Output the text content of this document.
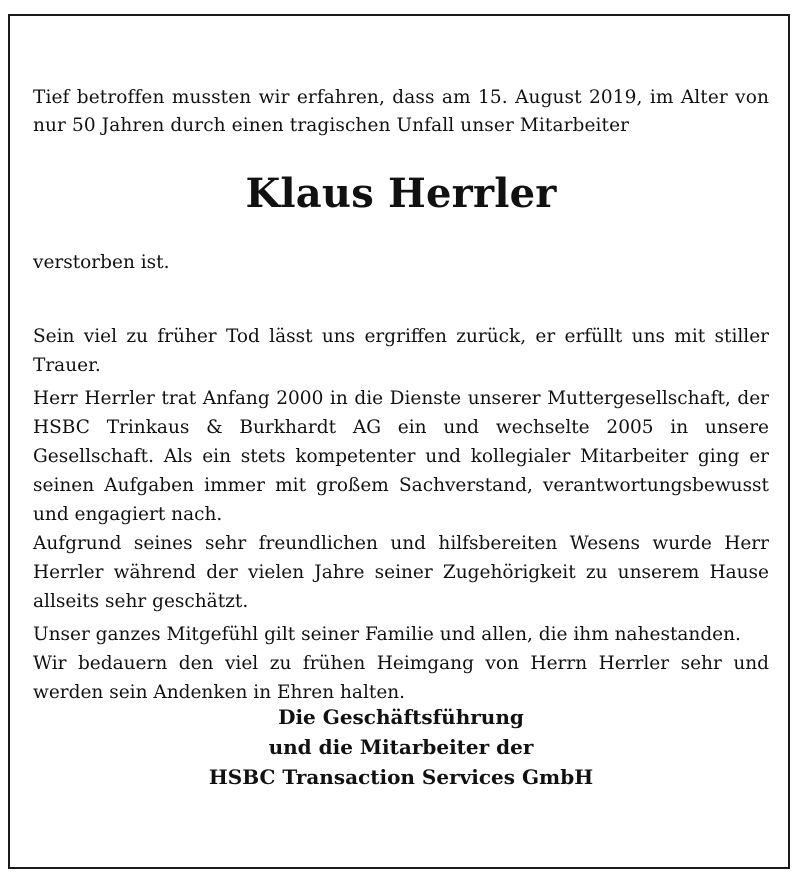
Tief betroffen mussten wir erfahren, dass am 15. August 2019, im Alter von nur 50 Jahren durch einen tragischen Unfall unser Mitarbeiter

Klaus Herrler

verstorben ist.

Sein viel zu früher Tod lässt uns ergriffen zurück, er erfüllt uns mit stiller Trauer.

Herr Herrler trat Anfang 2000 in die Dienste unserer Muttergesellschaft, der HSBC Trinkaus & Burkhardt AG ein und wechselte 2005 in unsere Gesellschaft. Als ein stets kompetenter und kollegialer Mitarbeiter ging er seinen Aufgaben immer mit großem Sachverstand, verantwortungsbewusst und engagiert nach.

Aufgrund seines sehr freundlichen und hilfsbereiten Wesens wurde Herr Herrler während der vielen Jahre seiner Zugehörigkeit zu unserem Hause allseits sehr geschätzt.

Unser ganzes Mitgefühl gilt seiner Familie und allen, die ihm nahestanden.

Wir bedauern den viel zu frühen Heimgang von Herrn Herrler sehr und werden sein Andenken in Ehren halten.

Die Geschäftsführung
und die Mitarbeiter der
HSBC Transaction Services GmbH
